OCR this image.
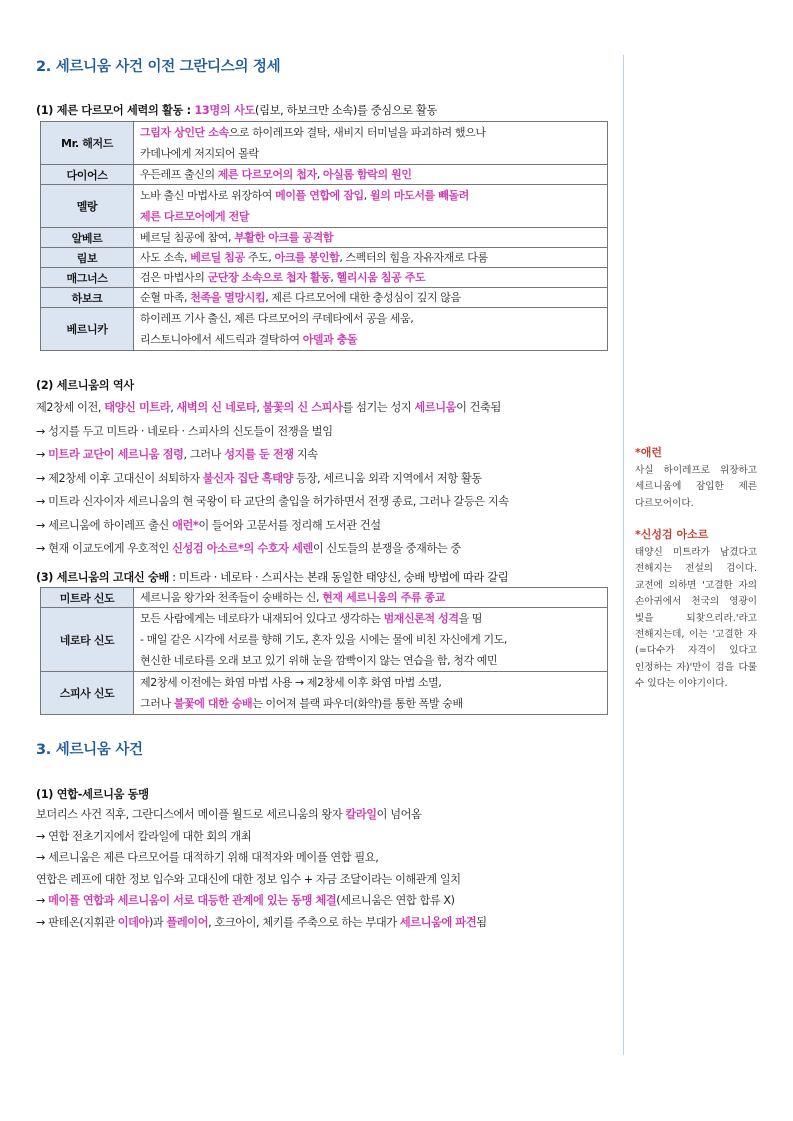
2. 세르니움 사건 이전 그란디스의 정세
(1) 제른 다르모어 세력의 활동 : 13명의 사도(림보, 하보크만 소속)를 중심으로 활동
Mr. 해저드	그림자 상인단 소속으로 하이레프와 결탁, 새비지 터미널을 파괴하려 했으나
카데나에게 저지되어 몰락

다이어스	우든레프 출신의 제른 다르모어의 첩자, 아실롬 함락의 원인

멜랑	노바 출신 마법사로 위장하여 메이플 연합에 잠입, 윌의 마도서를 빼돌려
제른 다르모어에게 전달

알베르	베르딜 침공에 참여, 부활한 아크를 공격함

림보	사도 소속, 베르딜 침공 주도, 아크를 봉인함, 스펙터의 힘을 자유자재로 다룸

매그너스	검은 마법사의 군단장 소속으로 첩자 활동, 헬리시움 침공 주도

하보크	순혈 마족, 천족을 멸망시킴, 제른 다르모어에 대한 충성심이 깊지 않음

베르니카	하이레프 기사 출신, 제른 다르모어의 쿠데타에서 공을 세움,
리스토니아에서 세드릭과 결탁하여 아델과 충돌
(2) 세르니움의 역사
제2창세 이전, 태양신 미트라, 새벽의 신 네로타, 불꽃의 신 스피사를 섬기는 성지 세르니움이 건축됨
→ 성지를 두고 미트라 · 네로타 · 스피사의 신도들이 전쟁을 벌임
→ 미트라 교단이 세르니움 점령, 그러나 성지를 둔 전쟁 지속
→ 제2창세 이후 고대신이 쇠퇴하자 불신자 집단 흑태양 등장, 세르니움 외곽 지역에서 저항 활동
→ 미트라 신자이자 세르니움의 현 국왕이 타 교단의 출입을 허가하면서 전쟁 종료, 그러나 갈등은 지속
→ 세르니움에 하이레프 출신 애런*이 들어와 고문서를 정리해 도서관 건설
→ 현재 이교도에게 우호적인 신성검 아소르*의 수호자 세렌이 신도들의 분쟁을 중재하는 중
(3) 세르니움의 고대신 숭배 : 미트라 · 네로타 · 스피사는 본래 동일한 태양신, 숭배 방법에 따라 갈림
미트라 신도	세르니움 왕가와 천족들이 숭배하는 신, 현재 세르니움의 주류 종교

네로타 신도	모든 사람에게는 네로타가 내재되어 있다고 생각하는 범재신론적 성격을 띰
- 매일 같은 시각에 서로를 향해 기도, 혼자 있을 시에는 물에 비친 자신에게 기도,
현신한 네로타를 오래 보고 있기 위해 눈을 깜빡이지 않는 연습을 함, 청각 예민

스피사 신도	제2창세 이전에는 화염 마법 사용 → 제2창세 이후 화염 마법 소멸,
그러나 불꽃에 대한 숭배는 이어져 블랙 파우더(화약)를 통한 폭발 숭배
3. 세르니움 사건
(1) 연합-세르니움 동맹
보더리스 사건 직후, 그란디스에서 메이플 월드로 세르니움의 왕자 칼라일이 넘어옴
→ 연합 전초기지에서 칼라일에 대한 회의 개최
→ 세르니움은 제른 다르모어를 대적하기 위해 대적자와 메이플 연합 필요,
연합은 레프에 대한 정보 입수와 고대신에 대한 정보 입수 + 자금 조달이라는 이해관계 일치
→ 메이플 연합과 세르니움이 서로 대등한 관계에 있는 동맹 체결(세르니움은 연합 합류 X)
→ 판테온(지휘관 이데아)과 플레이어, 호크아이, 체키를 주축으로 하는 부대가 세르니움에 파견됨
*애런
사실 하이레프로 위장하고 세르니움에 잠입한 제른 다르모어이다.
*신성검 아소르
태양신 미트라가 남겼다고 전해지는 전설의 검이다. 교전에 의하면 '고결한 자의 손아귀에서 천국의 영광이 빛을 되찾으리라.'라고 전해지는데, 이는 '고결한 자(=다수가 자격이 있다고 인정하는 자)'만이 검을 다룰 수 있다는 이야기이다.
